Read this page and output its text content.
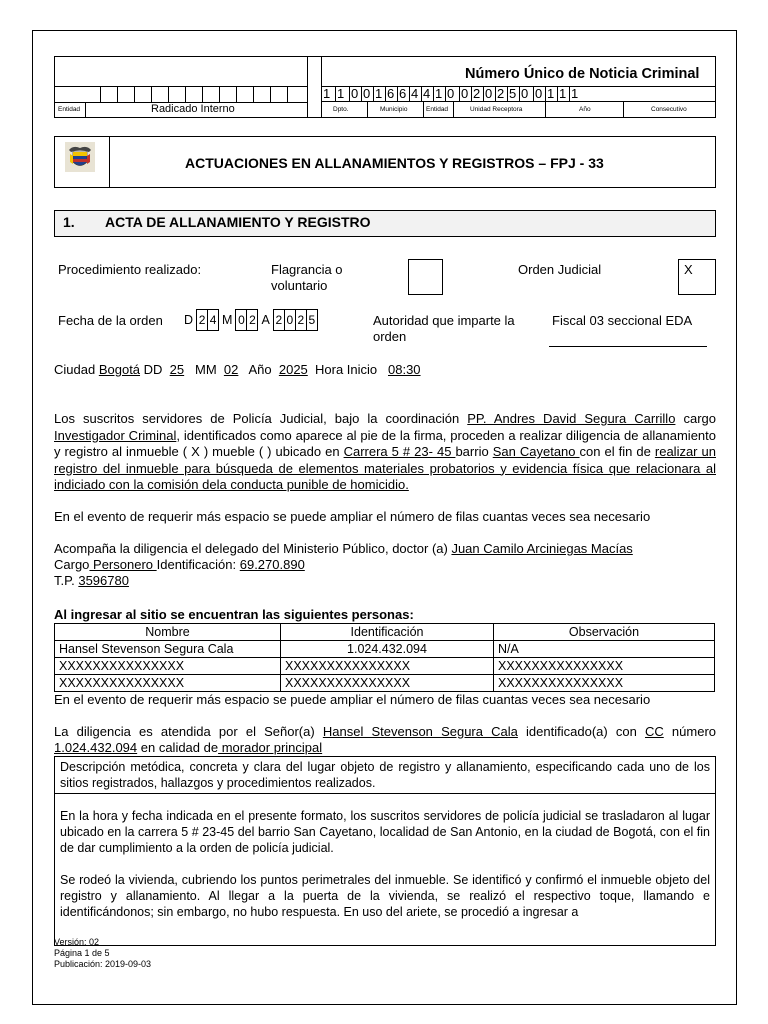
Entidad	Radicado Interno
Número Único de Noticia Criminal
1 1 0 0 1 6 6 4 4 1 0 0 2 0 2 5 0 0 1 1 1
Dpto.	Municipio	Entidad	Unidad Receptora	Año	Consecutivo
ACTUACIONES EN ALLANAMIENTOS Y REGISTROS – FPJ - 33
1. ACTA DE ALLANAMIENTO Y REGISTRO
Procedimiento realizado:	Flagrancia o voluntario
Orden Judicial	X
Fecha de la orden D 2 4 M 0 2 A 2 0 2 5	Autoridad que imparte la orden
Fiscal 03 seccional EDA
Ciudad Bogotá DD 25 MM 02 Año 2025 Hora Inicio 08:30

Los suscritos servidores de Policía Judicial, bajo la coordinación PP. Andres David Segura Carrillo cargo Investigador Criminal, identificados como aparece al pie de la firma, proceden a realizar diligencia de allanamiento y registro al inmueble ( X ) mueble ( ) ubicado en Carrera 5 # 23- 45 barrio San Cayetano con el fin de realizar un registro del inmueble para búsqueda de elementos materiales probatorios y evidencia física que relacionara al indiciado con la comisión dela conducta punible de homicidio.

En el evento de requerir más espacio se puede ampliar el número de filas cuantas veces sea necesario

Acompaña la diligencia el delegado del Ministerio Público, doctor (a) Juan Camilo Arciniegas Macías
Cargo Personero Identificación: 69.270.890
T.P. 3596780

Al ingresar al sitio se encuentran las siguientes personas:

Nombre	Identificación	Observación
Hansel Stevenson Segura Cala	1.024.432.094	N/A
XXXXXXXXXXXXXXX	XXXXXXXXXXXXXXX	XXXXXXXXXXXXXXX
XXXXXXXXXXXXXXX	XXXXXXXXXXXXXXX	XXXXXXXXXXXXXXX

En el evento de requerir más espacio se puede ampliar el número de filas cuantas veces sea necesario

La diligencia es atendida por el Señor(a) Hansel Stevenson Segura Cala identificado(a) con CC número 1.024.432.094 en calidad de morador principal

Descripción metódica, concreta y clara del lugar objeto de registro y allanamiento, especificando cada uno de los sitios registrados, hallazgos y procedimientos realizados.

En la hora y fecha indicada en el presente formato, los suscritos servidores de policía judicial se trasladaron al lugar ubicado en la carrera 5 # 23-45 del barrio San Cayetano, localidad de San Antonio, en la ciudad de Bogotá, con el fin de dar cumplimiento a la orden de policía judicial.

Se rodeó la vivienda, cubriendo los puntos perimetrales del inmueble. Se identificó y confirmó el inmueble objeto del registro y allanamiento. Al llegar a la puerta de la vivienda, se realizó el respectivo toque, llamando e identificándonos; sin embargo, no hubo respuesta. En uso del ariete, se procedió a ingresar a

Versión: 02
Página 1 de 5
Publicación: 2019-09-03
